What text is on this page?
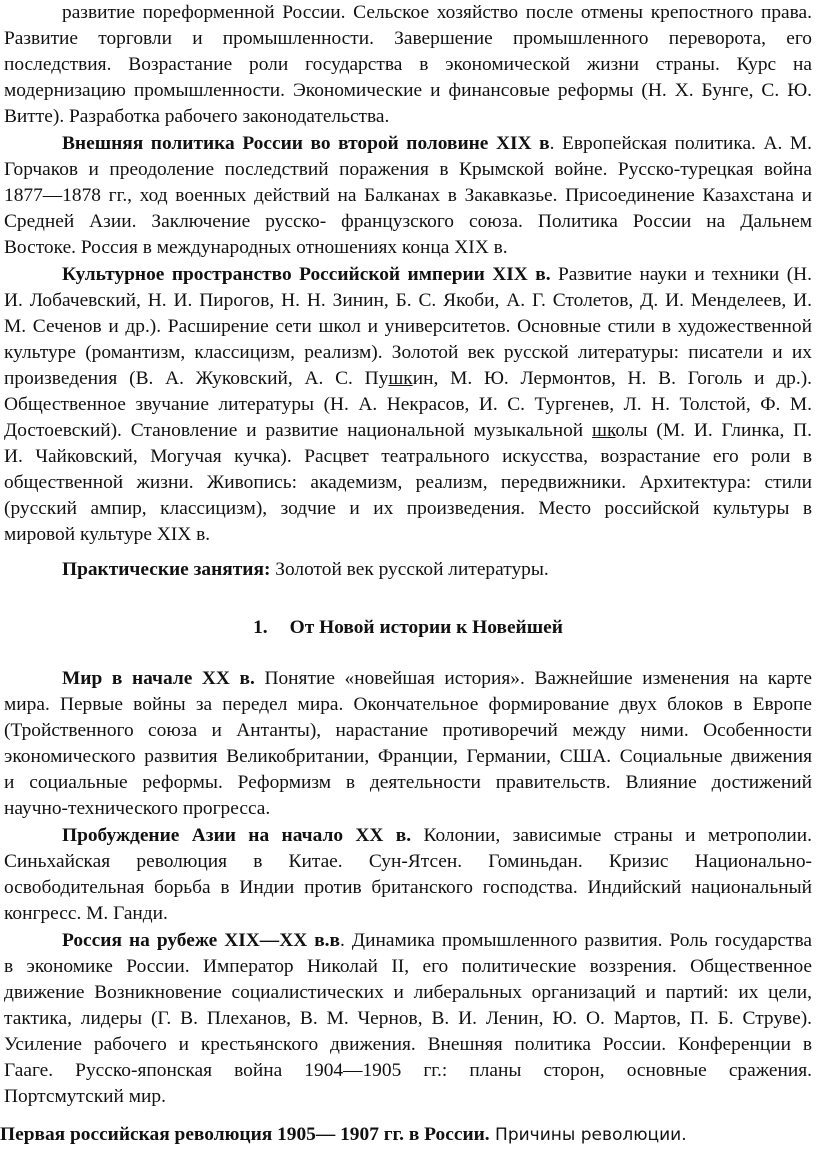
развитие пореформенной России. Сельское хозяйство после отмены крепостного права.
Развитие торговли и промышленности. Завершение промышленного переворота, его
последствия. Возрастание роли государства в экономической жизни страны. Курс на
модернизацию промышленности. Экономические и финансовые реформы (Н. Х. Бунге, С. Ю.
Витте). Разработка рабочего законодательства.
Внешняя политика России во второй половине XIX в. Европейская политика. А. М.
Горчаков и преодоление последствий поражения в Крымской войне. Русско-турецкая война
1877—1878 гг., ход военных действий на Балканах в Закавказье. Присоединение Казахстана и
Средней Азии. Заключение русско- французского союза. Политика России на Дальнем
Востоке. Россия в международных отношениях конца XIX в.
Культурное пространство Российской империи XIX в. Развитие науки и техники (Н.
И. Лобачевский, Н. И. Пирогов, Н. Н. Зинин, Б. С. Якоби, А. Г. Столетов, Д. И. Менделеев, И.
М. Сеченов и др.). Расширение сети школ и университетов. Основные стили в художественной
культуре (романтизм, классицизм, реализм). Золотой век русской литературы: писатели и их
произведения (В. А. Жуковский, А. С. Пушкин, М. Ю. Лермонтов, Н. В. Гоголь и др.).
Общественное звучание литературы (Н. А. Некрасов, И. С. Тургенев, Л. Н. Толстой, Ф. М.
Достоевский). Становление и развитие национальной музыкальной школы (М. И. Глинка, П.
И. Чайковский, Могучая кучка). Расцвет театрального искусства, возрастание его роли в
общественной жизни. Живопись: академизм, реализм, передвижники. Архитектура: стили
(русский ампир, классицизм), зодчие и их произведения. Место российской культуры в
мировой культуре XIX в.
Практические занятия: Золотой век русской литературы.
1. От Новой истории к Новейшей
Мир в начале XX в. Понятие «новейшая история». Важнейшие изменения на карте
мира. Первые войны за передел мира. Окончательное формирование двух блоков в Европе
(Тройственного союза и Антанты), нарастание противоречий между ними. Особенности
экономического развития Великобритании, Франции, Германии, США. Социальные движения
и социальные реформы. Реформизм в деятельности правительств. Влияние достижений
научно-технического прогресса.
Пробуждение Азии на начало XX в. Колонии, зависимые страны и метрополии.
Синьхайская революция в Китае. Сун-Ятсен. Гоминьдан. Кризис Национально-
освободительная борьба в Индии против британского господства. Индийский национальный
конгресс. М. Ганди.
Россия на рубеже XIX—XX в.в. Динамика промышленного развития. Роль государства
в экономике России. Император Николай II, его политические воззрения. Общественное
движение Возникновение социалистических и либеральных организаций и партий: их цели,
тактика, лидеры (Г. В. Плеханов, В. М. Чернов, В. И. Ленин, Ю. О. Мартов, П. Б. Струве).
Усиление рабочего и крестьянского движения. Внешняя политика России. Конференции в
Гааге. Русско-японская война 1904—1905 гг.: планы сторон, основные сражения.
Портсмутский мир.
Первая российская революция 1905— 1907 гг. в России. Причины революции.
